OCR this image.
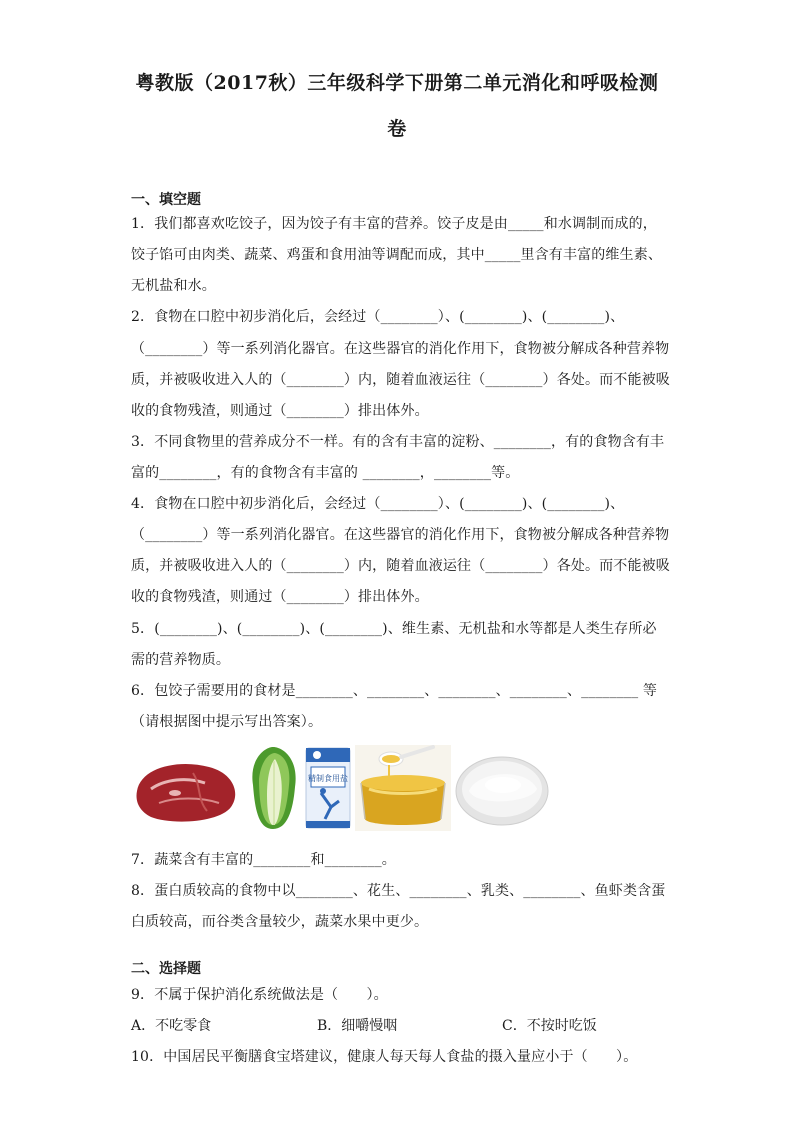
粤教版（2017秋）三年级科学下册第二单元消化和呼吸检测
卷
一、填空题
1．我们都喜欢吃饺子，因为饺子有丰富的营养。饺子皮是由_____和水调制而成的，
饺子馅可由肉类、蔬菜、鸡蛋和食用油等调配而成，其中_____里含有丰富的维生素、
无机盐和水。
2．食物在口腔中初步消化后，会经过（________）、(________)、(________)、
（________）等一系列消化器官。在这些器官的消化作用下，食物被分解成各种营养物
质，并被吸收进入人的（________）内，随着血液运往（________）各处。而不能被吸
收的食物残渣，则通过（________）排出体外。
3．不同食物里的营养成分不一样。有的含有丰富的淀粉、________，有的食物含有丰
富的________，有的食物含有丰富的 ________，________等。
4．食物在口腔中初步消化后，会经过（________）、(________)、(________)、
（________）等一系列消化器官。在这些器官的消化作用下，食物被分解成各种营养物
质，并被吸收进入人的（________）内，随着血液运往（________）各处。而不能被吸
收的食物残渣，则通过（________）排出体外。
5．(________)、(________)、(________)、维生素、无机盐和水等都是人类生存所必
需的营养物质。
6．包饺子需要用的食材是________、________、________、________、________ 等
（请根据图中提示写出答案）。
精制食用盐
7．蔬菜含有丰富的________和________。
8．蛋白质较高的食物中以________、花生、________、乳类、________、鱼虾类含蛋
白质较高，而谷类含量较少，蔬菜水果中更少。
二、选择题
9．不属于保护消化系统做法是（　　）。
A．不吃零食	B．细嚼慢咽	C．不按时吃饭
10．中国居民平衡膳食宝塔建议，健康人每天每人食盐的摄入量应小于（　　）。
